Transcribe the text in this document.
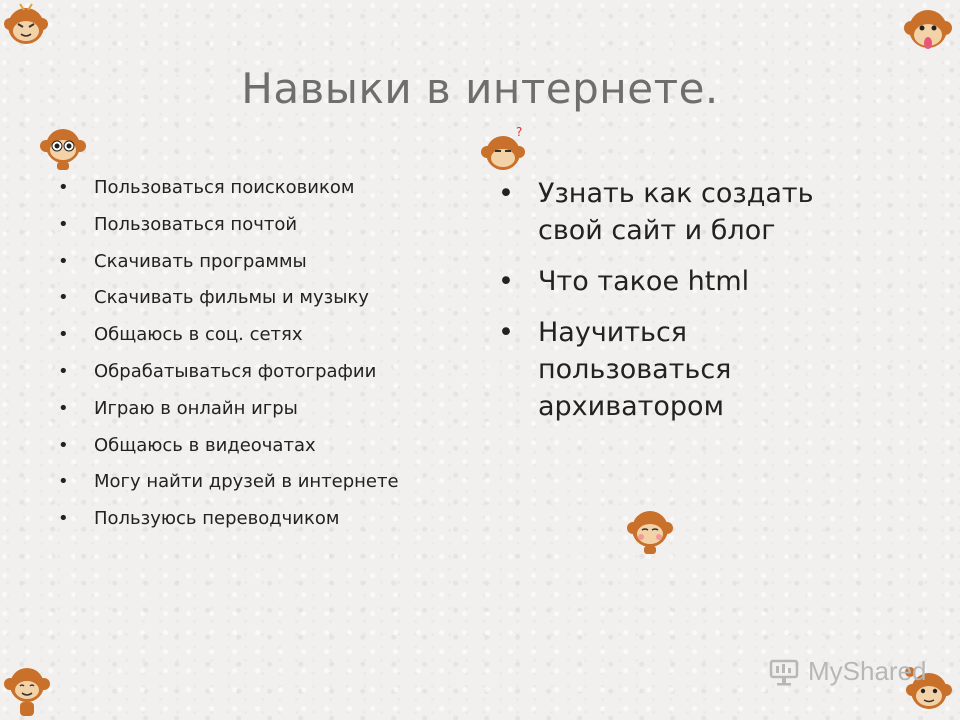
Навыки в интернете.
• Пользоваться поисковиком
• Пользоваться почтой
• Скачивать программы
• Скачивать фильмы и музыку
• Общаюсь в соц. сетях
• Обрабатываться фотографии
• Играю в онлайн игры
• Общаюсь в видеочатах
• Могу найти друзей в интернете
• Пользуюсь переводчиком
• Узнать как создать свой сайт и блог
• Что такое html
• Научиться пользоваться архиватором
?
MyShared
